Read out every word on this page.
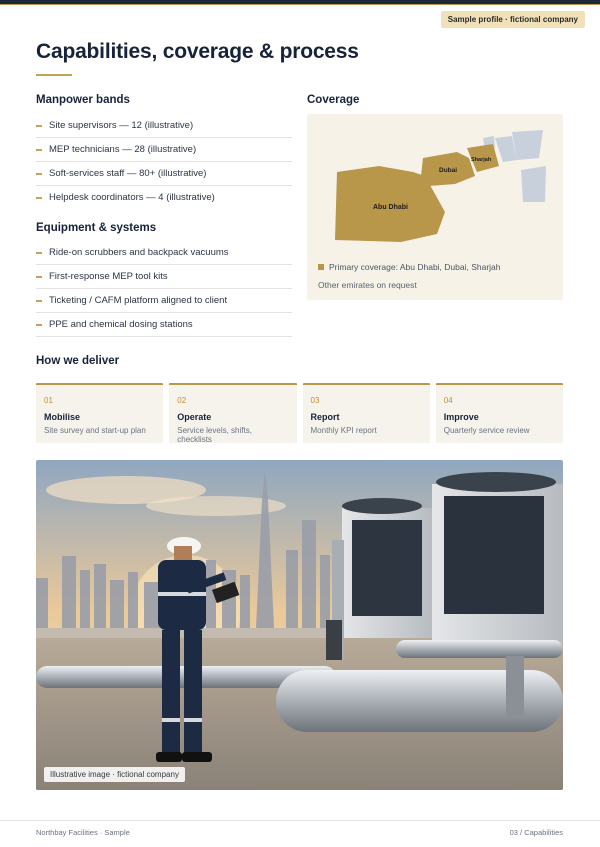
Sample profile · fictional company
Capabilities, coverage & process
Manpower bands
Site supervisors — 12 (illustrative)
MEP technicians — 28 (illustrative)
Soft-services staff — 80+ (illustrative)
Helpdesk coordinators — 4 (illustrative)
Equipment & systems
Ride-on scrubbers and backpack vacuums
First-response MEP tool kits
Ticketing / CAFM platform aligned to client
PPE and chemical dosing stations
Coverage
Abu Dhabi
Dubai
Sharjah
Primary coverage: Abu Dhabi, Dubai, Sharjah
Other emirates on request
How we deliver
01
Mobilise
Site survey and start-up plan
02
Operate
Service levels, shifts, checklists
03
Report
Monthly KPI report
04
Improve
Quarterly service review
Illustrative image · fictional company
Northbay Facilities · Sample	03 / Capabilities
